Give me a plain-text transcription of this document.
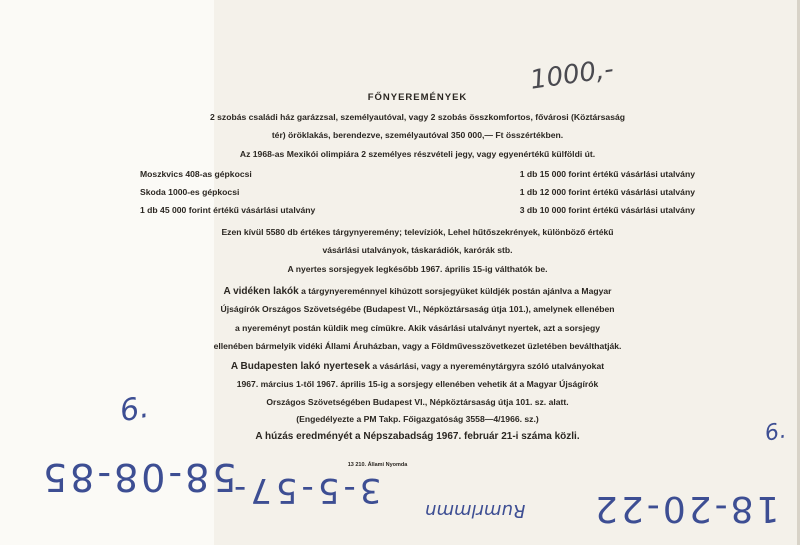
FŐNYEREMÉNYEK
2 szobás családi ház garázzsal, személyautóval, vagy 2 szobás összkomfortos, fővárosi (Köztársaság
tér) öröklakás, berendezve, személyautóval 350 000,— Ft összértékben.
Az 1968-as Mexikói olimpiára 2 személyes részvételi jegy, vagy egyenértékű külföldi út.
Moszkvics 408-as gépkocsi	1 db 15 000 forint értékű vásárlási utalvány
Skoda 1000-es gépkocsi	1 db 12 000 forint értékű vásárlási utalvány
1 db 45 000 forint értékű vásárlási utalvány	3 db 10 000 forint értékű vásárlási utalvány
Ezen kívül 5580 db értékes tárgynyeremény; televíziók, Lehel hűtőszekrények, különböző értékű
vásárlási utalványok, táskarádiók, karórák stb.
A nyertes sorsjegyek legkésőbb 1967. április 15-ig válthatók be.
A vidéken lakók a tárgynyereménnyel kihúzott sorsjegyüket küldjék postán ajánlva a Magyar
Újságírók Országos Szövetségébe (Budapest VI., Népköztársaság útja 101.), amelynek ellenében
a nyereményt postán küldik meg címükre. Akik vásárlási utalványt nyertek, azt a sorsjegy
ellenében bármelyik vidéki Állami Áruházban, vagy a Földművesszövetkezet üzletében beválthatják.
A Budapesten lakó nyertesek a vásárlási, vagy a nyereménytárgyra szóló utalványokat
1967. március 1-től 1967. április 15-ig a sorsjegy ellenében vehetik át a Magyar Újságírók
Országos Szövetségében Budapest VI., Népköztársaság útja 101. sz. alatt.
(Engedélyezte a PM Takp. Főigazgatóság 3558—4/1966. sz.)
A húzás eredményét a Népszabadság 1967. február 21-i száma közli.
13 210. Állami Nyomda
1000,-
6.
6.
58-08-85
3-5-57-
Rumrlmmn 18-20-22
